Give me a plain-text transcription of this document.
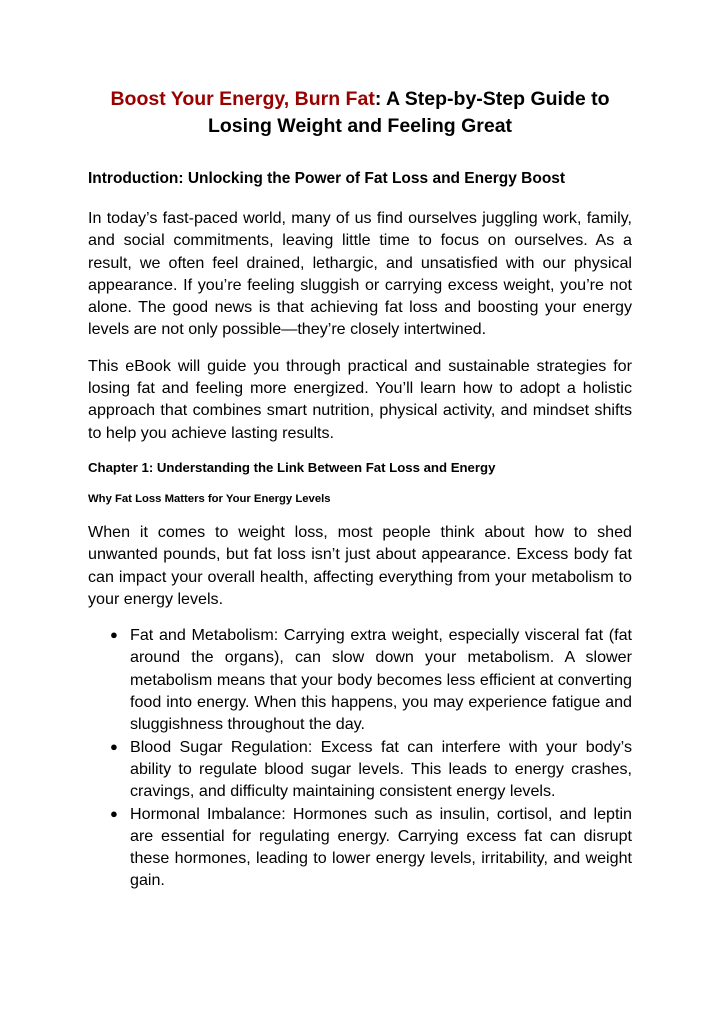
Boost Your Energy, Burn Fat: A Step-by-Step Guide to Losing Weight and Feeling Great
Introduction: Unlocking the Power of Fat Loss and Energy Boost

In today’s fast-paced world, many of us find ourselves juggling work, family, and social commitments, leaving little time to focus on ourselves. As a result, we often feel drained, lethargic, and unsatisfied with our physical appearance. If you’re feeling sluggish or carrying excess weight, you’re not alone. The good news is that achieving fat loss and boosting your energy levels are not only possible—they’re closely intertwined.

This eBook will guide you through practical and sustainable strategies for losing fat and feeling more energized. You’ll learn how to adopt a holistic approach that combines smart nutrition, physical activity, and mindset shifts to help you achieve lasting results.

Chapter 1: Understanding the Link Between Fat Loss and Energy
Why Fat Loss Matters for Your Energy Levels

When it comes to weight loss, most people think about how to shed unwanted pounds, but fat loss isn’t just about appearance. Excess body fat can impact your overall health, affecting everything from your metabolism to your energy levels.

● Fat and Metabolism: Carrying extra weight, especially visceral fat (fat around the organs), can slow down your metabolism. A slower metabolism means that your body becomes less efficient at converting food into energy. When this happens, you may experience fatigue and sluggishness throughout the day.
● Blood Sugar Regulation: Excess fat can interfere with your body’s ability to regulate blood sugar levels. This leads to energy crashes, cravings, and difficulty maintaining consistent energy levels.
● Hormonal Imbalance: Hormones such as insulin, cortisol, and leptin are essential for regulating energy. Carrying excess fat can disrupt these hormones, leading to lower energy levels, irritability, and weight gain.
